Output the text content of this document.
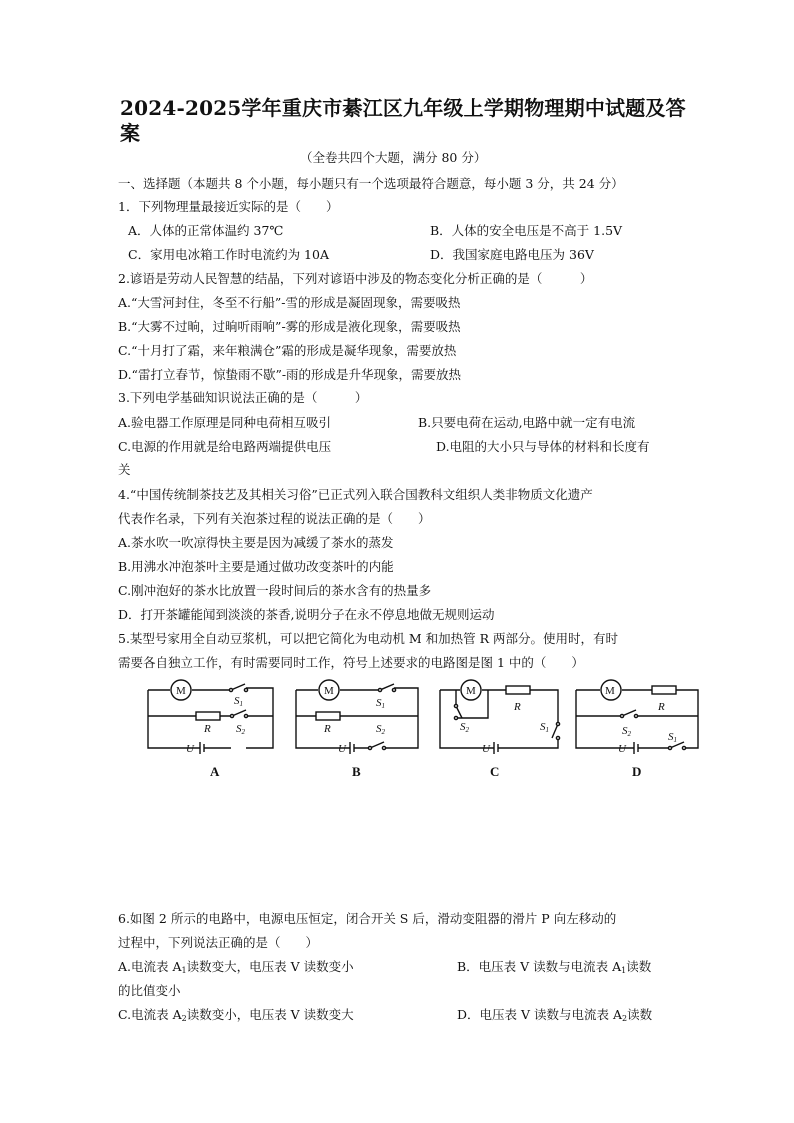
2024-2025学年重庆市綦江区九年级上学期物理期中试题及答案
（全卷共四个大题，满分 80 分）
一、选择题（本题共 8 个小题，每小题只有一个选项最符合题意，每小题 3 分，共 24 分）
1．下列物理量最接近实际的是（　　）
A．人体的正常体温约 37℃	B．人体的安全电压是不高于 1.5V
C．家用电冰箱工作时电流约为 10A	D．我国家庭电路电压为 36V
2.谚语是劳动人民智慧的结晶，下列对谚语中涉及的物态变化分析正确的是（　　　）
A.“大雪河封住，冬至不行船”-雪的形成是凝固现象，需要吸热
B.“大雾不过晌，过晌听雨响”-雾的形成是液化现象，需要吸热
C.“十月打了霜，来年粮满仓”霜的形成是凝华现象，需要放热
D.“雷打立春节，惊蛰雨不歇”-雨的形成是升华现象，需要放热
3.下列电学基础知识说法正确的是（　　　）
A.验电器工作原理是同种电荷相互吸引	B.只要电荷在运动,电路中就一定有电流
C.电源的作用就是给电路两端提供电压	D.电阻的大小只与导体的材料和长度有
关
4.“中国传统制茶技艺及其相关习俗”已正式列入联合国教科文组织人类非物质文化遗产
代表作名录，下列有关泡茶过程的说法正确的是（　　）
A.茶水吹一吹凉得快主要是因为减缓了茶水的蒸发
B.用沸水冲泡茶叶主要是通过做功改变茶叶的内能
C.刚冲泡好的茶水比放置一段时间后的茶水含有的热量多
D．打开茶罐能闻到淡淡的茶香,说明分子在永不停息地做无规则运动
5.某型号家用全自动豆浆机，可以把它简化为电动机 M 和加热管 R 两部分。使用时，有时
需要各自独立工作，有时需要同时工作，符号上述要求的电路图是图 1 中的（　　）
M
S1
R S2
U
M
S1
R	S2
U
M
R
S2	S1
U
M
R
S2	S1
U
A	B	C	D
6.如图 2 所示的电路中，电源电压恒定，闭合开关 S 后，滑动变阻器的滑片 P 向左移动的
过程中，下列说法正确的是（　　）
A.电流表 $A_1$读数变大，电压表 V 读数变小	B．电压表 V 读数与电流表 $A_1$读数
的比值变小
C.电流表 $A_2$读数变小，电压表 V 读数变大	D．电压表 V 读数与电流表 $A_2$读数
